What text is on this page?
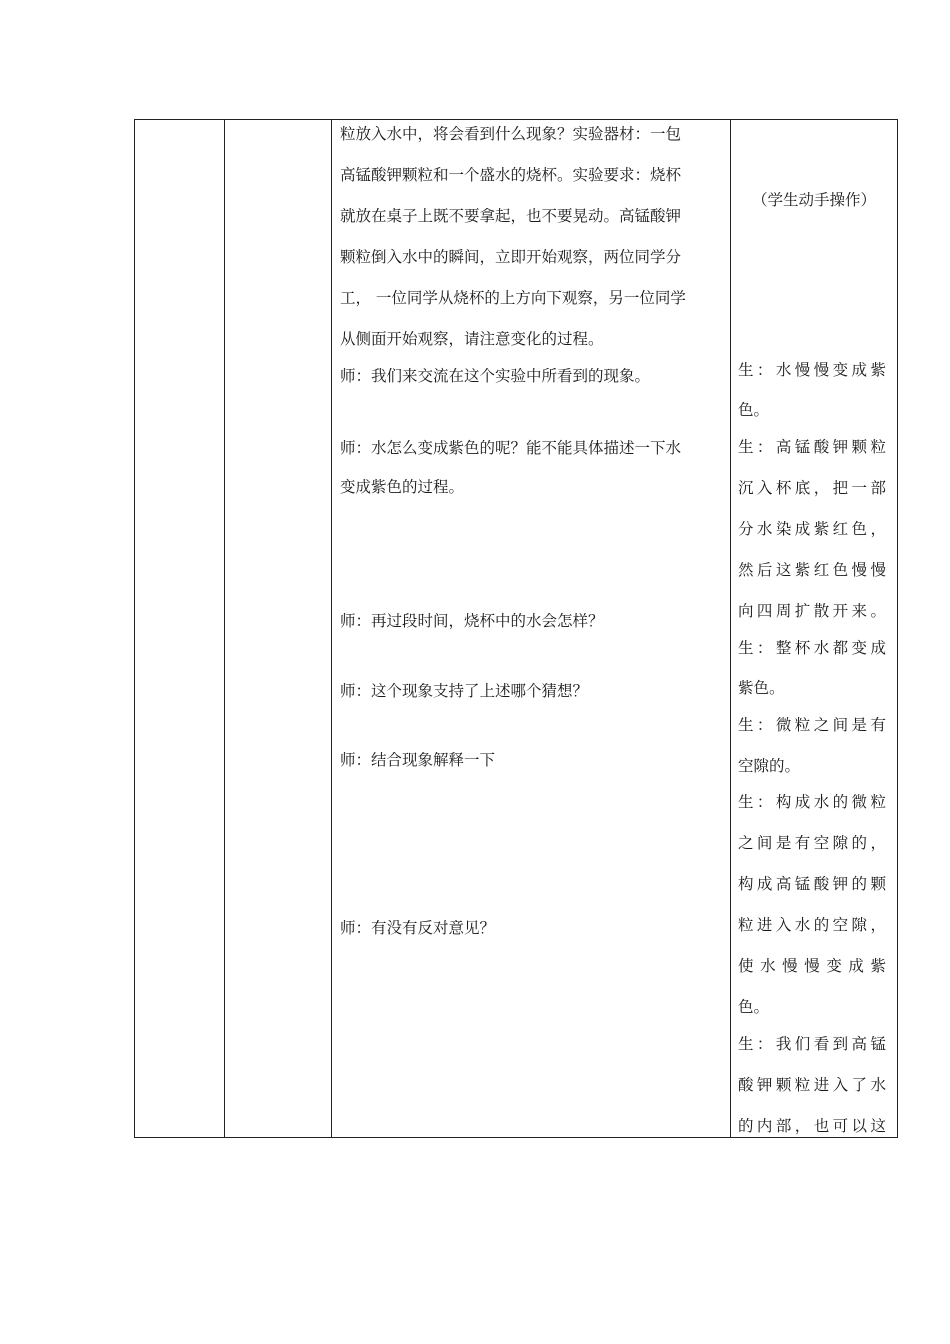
粒放入水中，将会看到什么现象？实验器材：一包
高锰酸钾颗粒和一个盛水的烧杯。实验要求：烧杯
就放在桌子上既不要拿起，也不要晃动。高锰酸钾
颗粒倒入水中的瞬间，立即开始观察，两位同学分
工， 一位同学从烧杯的上方向下观察，另一位同学
从侧面开始观察，请注意变化的过程。
师：我们来交流在这个实验中所看到的现象。
师：水怎么变成紫色的呢？能不能具体描述一下水
变成紫色的过程。
师：再过段时间，烧杯中的水会怎样？
师：这个现象支持了上述哪个猜想？
师：结合现象解释一下
师：有没有反对意见？
（学生动手操作）
生：水慢慢变成紫
色。
生：高锰酸钾颗粒
沉入杯底，把一部
分水染成紫红色，
然后这紫红色慢慢
向四周扩散开来。
生：整杯水都变成
紫色。
生：微粒之间是有
空隙的。
生：构成水的微粒
之间是有空隙的，
构成高锰酸钾的颗
粒进入水的空隙，
使水慢慢变成紫
色。
生：我们看到高锰
酸钾颗粒进入了水
的内部，也可以这
